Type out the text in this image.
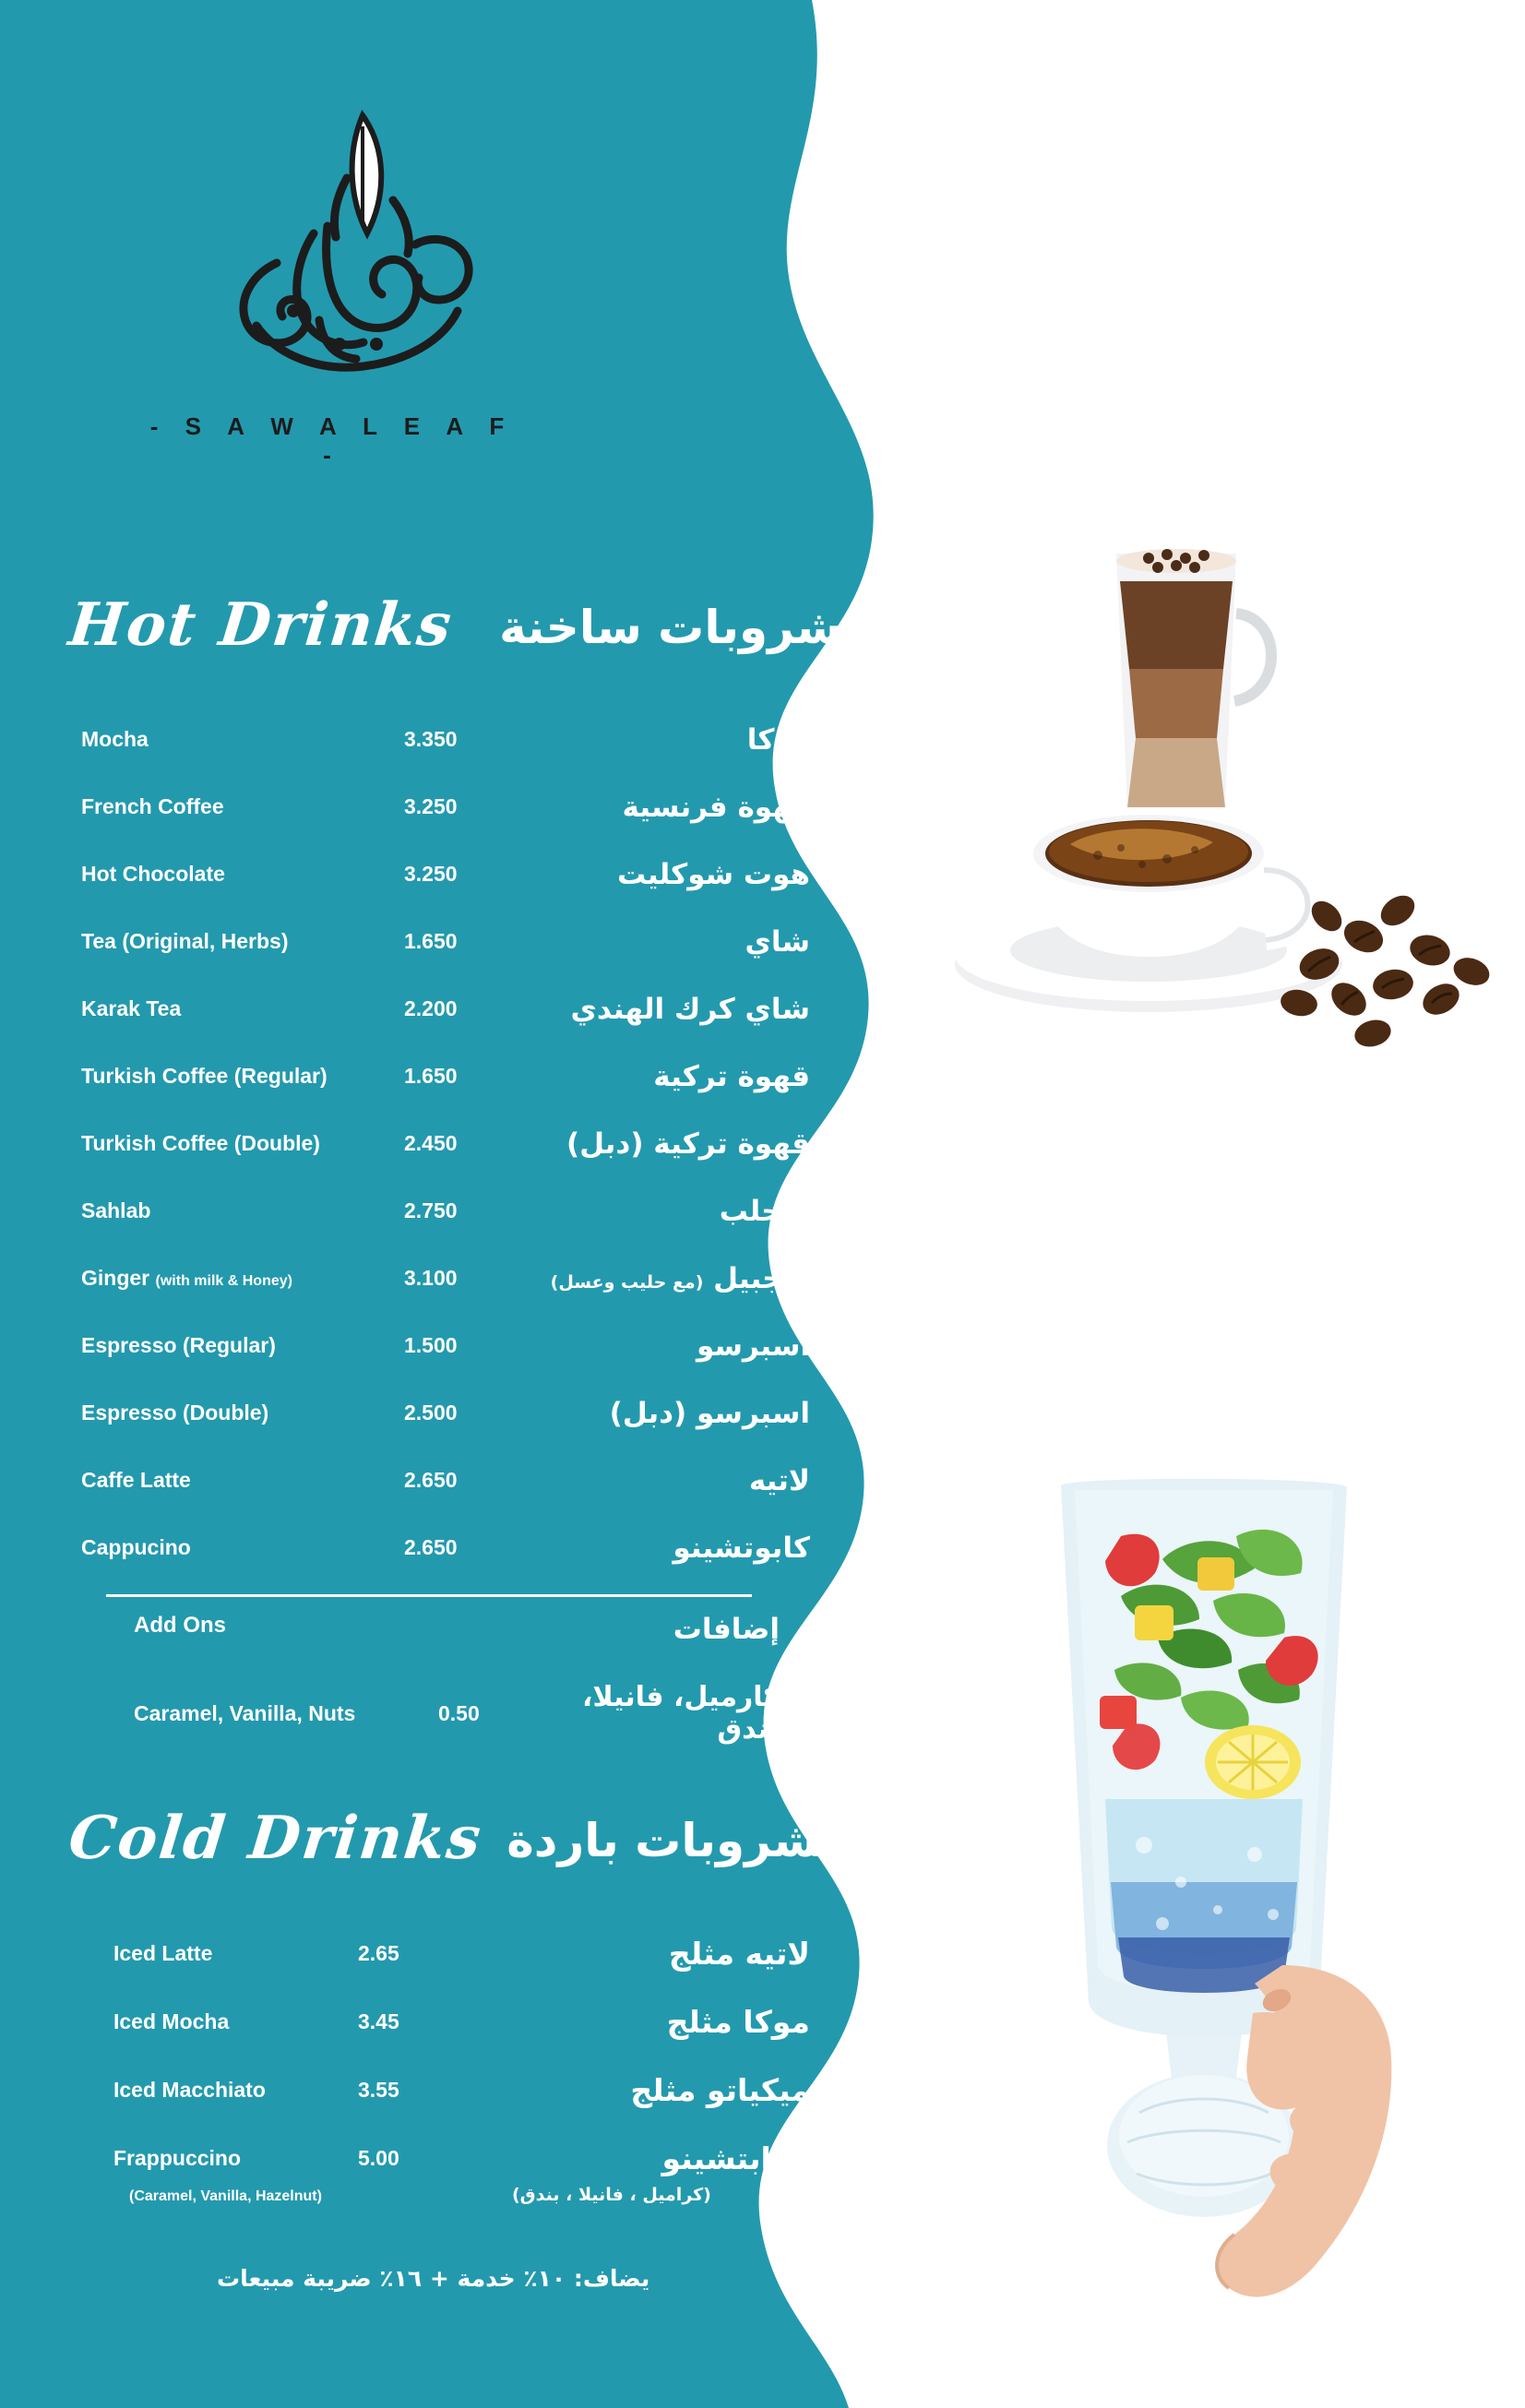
- S A W A L E A F -
Hot Drinks مشروبات ساخنة
Mocha	3.350	موكا
French Coffee	3.250	قهوة فرنسية
Hot Chocolate	3.250	هوت شوكليت
Tea (Original, Herbs)	1.650	شاي
Karak Tea	2.200	شاي كرك الهندي
Turkish Coffee (Regular)	1.650	قهوة تركية
Turkish Coffee (Double)	2.450	قهوة تركية (دبل)
Sahlab	2.750	سحلب
Ginger (with milk & Honey)	3.100	زنجبيل (مع حليب وعسل)
Espresso (Regular)	1.500	اسبرسو
Espresso (Double)	2.500	اسبرسو (دبل)
Caffe Latte	2.650	لاتيه
Cappucino	2.650	كابوتشينو
Add Ons	إضافات
Caramel, Vanilla, Nuts	0.50	كارميل، فانيلا، بندق
Cold Drinks مشروبات باردة
Iced Latte	2.65	لاتيه مثلج
Iced Mocha	3.45	موكا مثلج
Iced Macchiato	3.55	ميكياتو مثلج
Frappuccino	5.00	فرابتشينو
(Caramel, Vanilla, Hazelnut)	(كراميل ، فانيلا ، بندق)
يضاف: ١٠٪ خدمة + ١٦٪ ضريبة مبيعات
